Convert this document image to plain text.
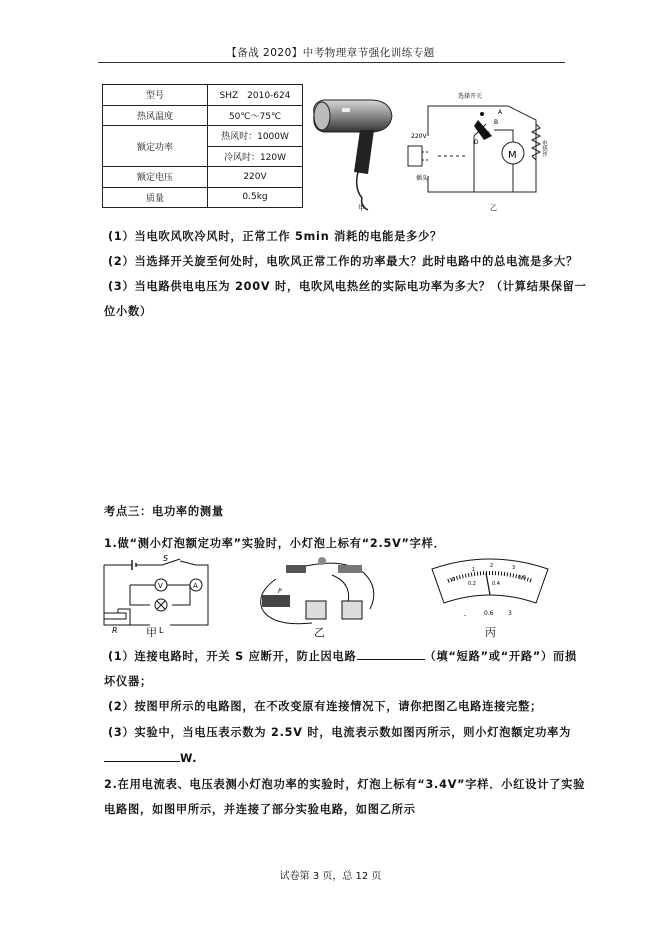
【备战 2020】中考物理章节强化训练专题
型号	SHZ　2010-624
热风温度	50℃～75℃
额定功率	热风时：1000W
	冷风时：120W
额定电压	220V
质量	0.5kg
甲
选择开关
电热丝
220V
插头
M
A
B
C
D
乙
(1）当电吹风吹冷风时，正常工作 5min 消耗的电能是多少？
(2）当选择开关旋至何处时，电吹风正常工作的功率最大？此时电路中的总电流是多大？
(3）当电路供电电压为 200V 时，电吹风电热丝的实际电功率为多大？（计算结果保留一
位小数）
考点三：电功率的测量
1.做“测小灯泡额定功率”实验时，小灯泡上标有“2.5V”字样．
S
V	A
R	L
甲
P
乙
0
0.2	0.4
0.6
1
2	3
-	0.6 3
丙
(1）连接电路时，开关 S 应断开，防止因电路	（填“短路”或“开路”）而损
坏仪器；
(2）按图甲所示的电路图，在不改变原有连接情况下，请你把图乙电路连接完整；
(3）实验中，当电压表示数为 2.5V 时，电流表示数如图丙所示，则小灯泡额定功率为
W.
2.在用电流表、电压表测小灯泡功率的实验时，灯泡上标有“3.4V”字样．小红设计了实验
电路图，如图甲所示，并连接了部分实验电路，如图乙所示
试卷第 3 页，总 12 页
